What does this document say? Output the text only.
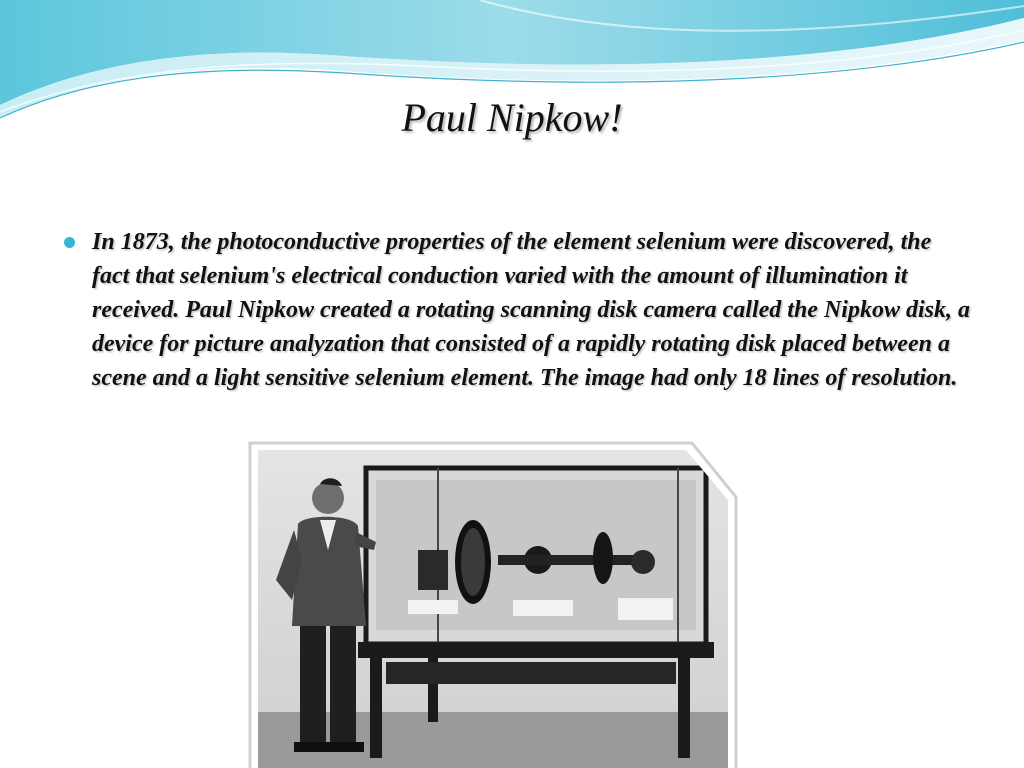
Paul Nipkow!

In 1873, the photoconductive properties of the element selenium were discovered, the fact that selenium's electrical conduction varied with the amount of illumination it received. Paul Nipkow created a rotating scanning disk camera called the Nipkow disk, a device for picture analyzation that consisted of a rapidly rotating disk placed between a scene and a light sensitive selenium element. The image had only 18 lines of resolution.
